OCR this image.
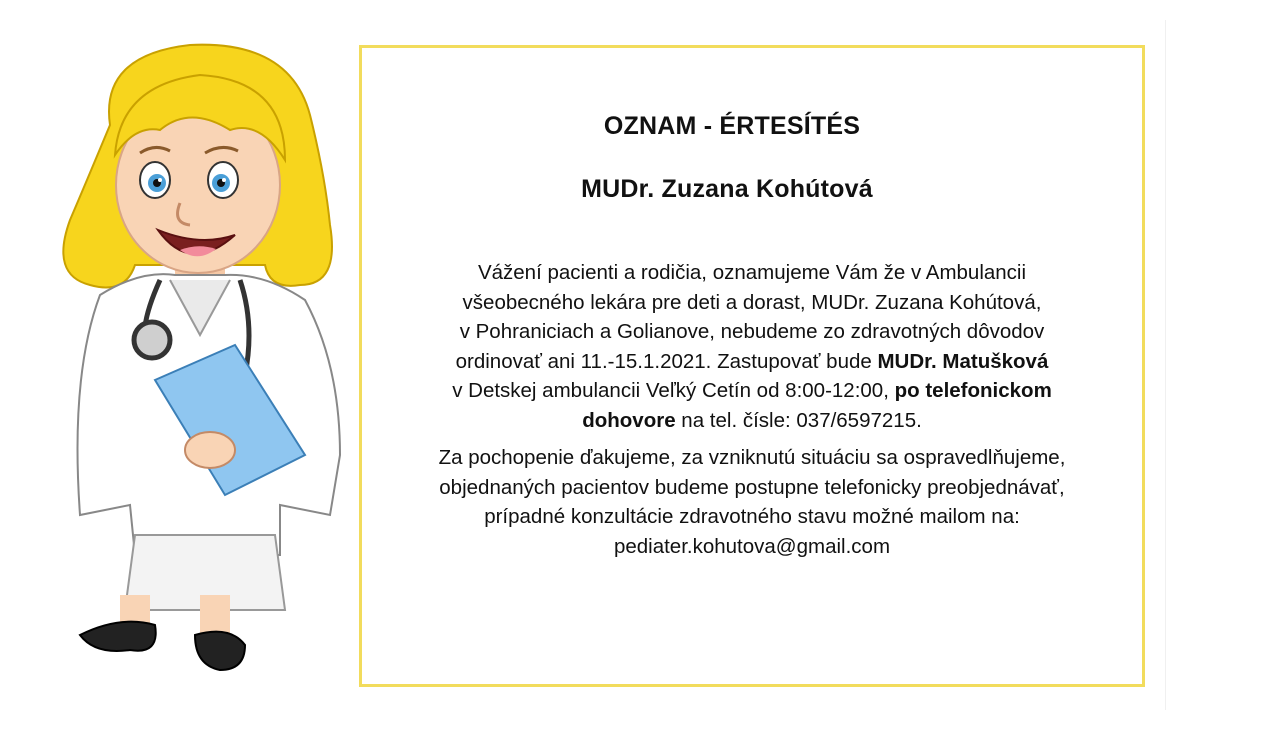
OZNAM - ÉRTESÍTÉS
MUDr. Zuzana Kohútová
Vážení pacienti a rodičia, oznamujeme Vám že v Ambulancii
všeobecného lekára pre deti a dorast, MUDr. Zuzana Kohútová,
v Pohraniciach a Golianove, nebudeme zo zdravotných dôvodov
ordinovať ani 11.-15.1.2021. Zastupovať bude MUDr. Matušková
v Detskej ambulancii Veľký Cetín od 8:00-12:00, po telefonickom
dohovore na tel. čísle: 037/6597215.
Za pochopenie ďakujeme, za vzniknutú situáciu sa ospravedlňujeme,
objednaných pacientov budeme postupne telefonicky preobjednávať,
prípadné konzultácie zdravotného stavu možné mailom na:
pediater.kohutova@gmail.com
